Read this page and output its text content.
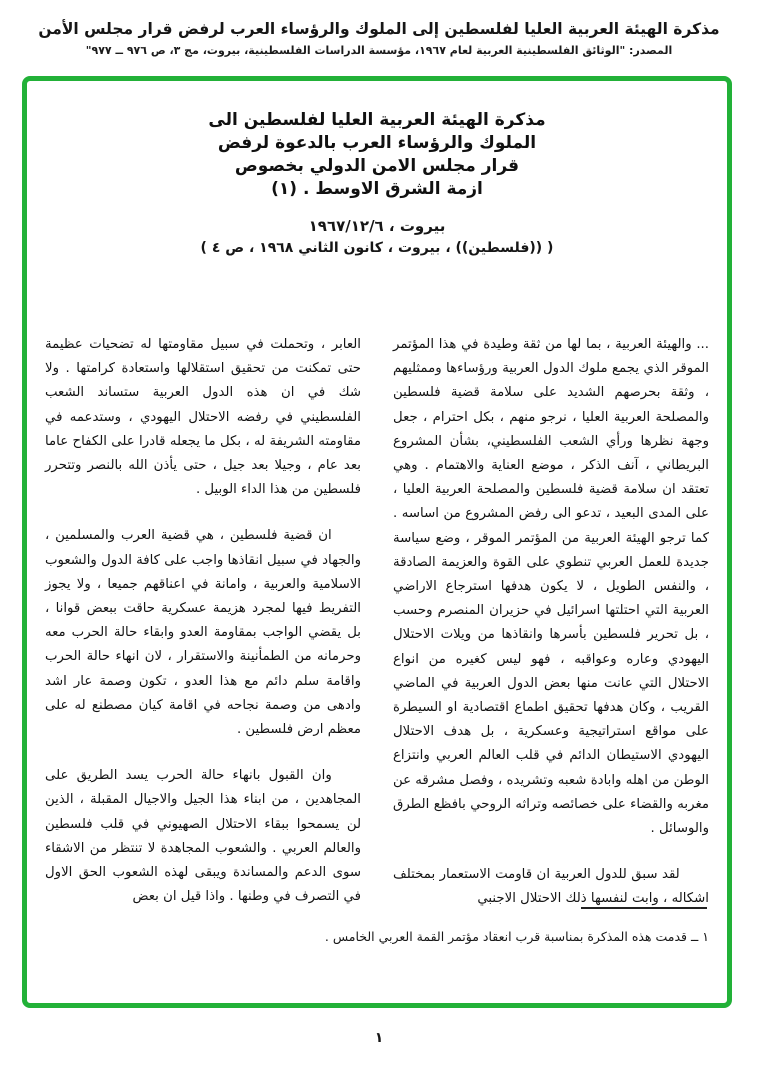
مذكرة الهيئة العربية العليا لفلسطين إلى الملوك والرؤساء العرب لرفض قرار مجلس الأمن
المصدر: "الوثائق الفلسطينية العربية لعام ١٩٦٧، مؤسسة الدراسات الفلسطينية، بيروت، مج ٣، ص ٩٧٦ ــ ٩٧٧"
مذكرة الهيئة العربية العليا لفلسطين الى
الملوك والرؤساء العرب بالدعوة لرفض
قرار مجلس الامن الدولي بخصوص
ازمة الشرق الاوسط . (١)
بيروت ، ١٩٦٧/١٢/٦
( ((فلسطين)) ، بيروت ، كانون الثاني ١٩٦٨ ، ص ٤ )

... والهيئة العربية ، بما لها من ثقة وطيدة في هذا المؤتمر الموقر الذي يجمع ملوك الدول العربية ورؤساءها وممثليهم ، وثقة بحرصهم الشديد على سلامة قضية فلسطين والمصلحة العربية العليا ، نرجو منهم ، بكل احترام ، جعل وجهة نظرها ورأي الشعب الفلسطيني، بشأن المشروع البريطاني ، آنف الذكر ، موضع العناية والاهتمام . وهي تعتقد ان سلامة قضية فلسطين والمصلحة العربية العليا ، على المدى البعيد ، تدعو الى رفض المشروع من اساسه . كما ترجو الهيئة العربية من المؤتمر الموقر ، وضع سياسة جديدة للعمل العربي تنطوي على القوة والعزيمة الصادقة ، والنفس الطويل ، لا يكون هدفها استرجاع الاراضي العربية التي احتلتها اسرائيل في حزيران المنصرم وحسب ، بل تحرير فلسطين بأسرها وانقاذها من ويلات الاحتلال اليهودي وعاره وعواقبه ، فهو ليس كغيره من انواع الاحتلال التي عانت منها بعض الدول العربية في الماضي القريب ، وكان هدفها تحقيق اطماع اقتصادية او السيطرة على مواقع استراتيجية وعسكرية ، بل هدف الاحتلال اليهودي الاستيطان الدائم في قلب العالم العربي وانتزاع الوطن من اهله وابادة شعبه وتشريده ، وفصل مشرقه عن مغربه والقضاء على خصائصه وتراثه الروحي بافظع الطرق والوسائل .

لقد سبق للدول العربية ان قاومت الاستعمار بمختلف اشكاله ، وابت لنفسها ذلك الاحتلال الاجنبي

العابر ، وتحملت في سبيل مقاومتها له تضحيات عظيمة حتى تمكنت من تحقيق استقلالها واستعادة كرامتها . ولا شك في ان هذه الدول العربية ستساند الشعب الفلسطيني في رفضه الاحتلال اليهودي ، وستدعمه في مقاومته الشريفة له ، بكل ما يجعله قادرا على الكفاح عاما بعد عام ، وجيلا بعد جيل ، حتى يأذن الله بالنصر وتتحرر فلسطين من هذا الداء الوبيل .

ان قضية فلسطين ، هي قضية العرب والمسلمين ، والجهاد في سبيل انقاذها واجب على كافة الدول والشعوب الاسلامية والعربية ، وامانة في اعناقهم جميعا ، ولا يجوز التفريط فيها لمجرد هزيمة عسكرية حاقت ببعض قوانا ، بل يقضي الواجب بمقاومة العدو وابقاء حالة الحرب معه وحرمانه من الطمأنينة والاستقرار ، لان انهاء حالة الحرب واقامة سلم دائم مع هذا العدو ، تكون وصمة عار اشد وادهى من وصمة نجاحه في اقامة كيان مصطنع له على معظم ارض فلسطين .

وان القبول بانهاء حالة الحرب يسد الطريق على المجاهدين ، من ابناء هذا الجيل والاجيال المقبلة ، الذين لن يسمحوا ببقاء الاحتلال الصهيوني في قلب فلسطين والعالم العربي . والشعوب المجاهدة لا تنتظر من الاشقاء سوى الدعم والمساندة ويبقى لهذه الشعوب الحق الاول في التصرف في وطنها . واذا قيل ان بعض

١ ــ قدمت هذه المذكرة بمناسبة قرب انعقاد مؤتمر القمة العربي الخامس .
١
